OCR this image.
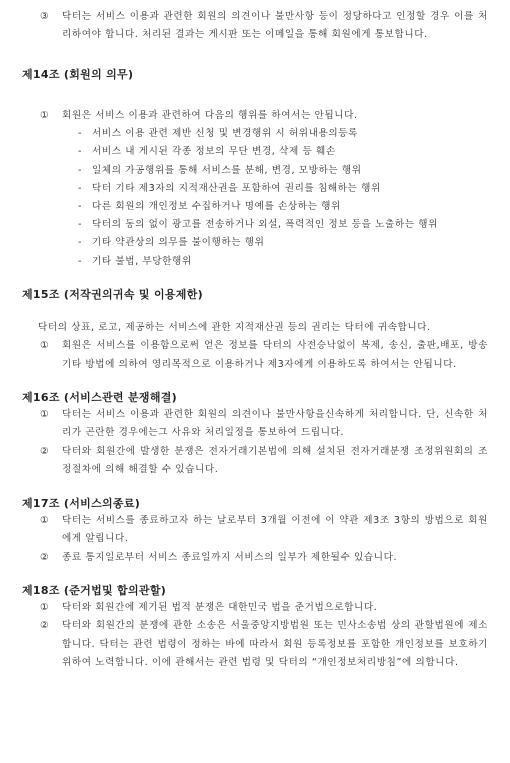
③ 닥터는 서비스 이용과 관련한 회원의 의견이나 불만사항 등이 정당하다고 인정할 경우 이를 처리하여야 합니다. 처리된 결과는 게시판 또는 이메일을 통해 회원에게 통보합니다.

제14조 (회원의 의무)

① 회원은 서비스 이용과 관련하여 다음의 행위를 하여서는 안됩니다.

- 서비스 이용 관련 제반 신청 및 변경행위 시 허위내용의등록

- 서비스 내 게시된 각종 정보의 무단 변경, 삭제 등 훼손

- 일체의 가공행위를 통해 서비스를 분해, 변경, 모방하는 행위

- 닥터 기타 제3자의 지적재산권을 포함하여 권리를 침해하는 행위

- 다른 회원의 개인정보 수집하거나 명예를 손상하는 행위

- 닥터의 동의 없이 광고를 전송하거나 외설, 폭력적인 정보 등을 노출하는 행위

- 기타 약관상의 의무를 불이행하는 행위

- 기타 불법, 부당한행위

제15조 (저작권의귀속 및 이용제한)

닥터의 상표, 로고, 제공하는 서비스에 관한 지적재산권 등의 권리는 닥터에 귀속합니다.

① 회원은 서비스를 이용함으로써 얻은 정보를 닥터의 사전승낙없이 복제, 송신, 출판,배포, 방송 기타 방법에 의하여 영리목적으로 이용하거나 제3자에게 이용하도록 하여서는 안됩니다.

제16조 (서비스관련 분쟁해결)

① 닥터는 서비스 이용과 관련한 회원의 의견이나 불만사항을신속하게 처리합니다. 단, 신속한 처리가 곤란한 경우에는그 사유와 처리일정을 통보하여 드립니다.

② 닥터와 회원간에 발생한 분쟁은 전자거래기본법에 의해 설치된 전자거래분쟁 조정위원회의 조정절차에 의해 해결할 수 있습니다.

제17조 (서비스의종료)

① 닥터는 서비스를 종료하고자 하는 날로부터 3개월 이전에 이 약관 제3조 3항의 방법으로 회원에게 알립니다.

② 종료 통지일로부터 서비스 종료일까지 서비스의 일부가 제한될수 있습니다.

제18조 (준거법및 합의관할)

① 닥터와 회원간에 제기된 법적 분쟁은 대한민국 법을 준거법으로합니다.

② 닥터와 회원간의 분쟁에 관한 소송은 서울중앙지방법원 또는 민사소송법 상의 관할법원에 제소합니다. 닥터는 관련 법령이 정하는 바에 따라서 회원 등록정보를 포함한 개인정보를 보호하기 위하여 노력합니다. 이에 관해서는 관련 법령 및 닥터의 “개인정보처리방침”에 의합니다.
